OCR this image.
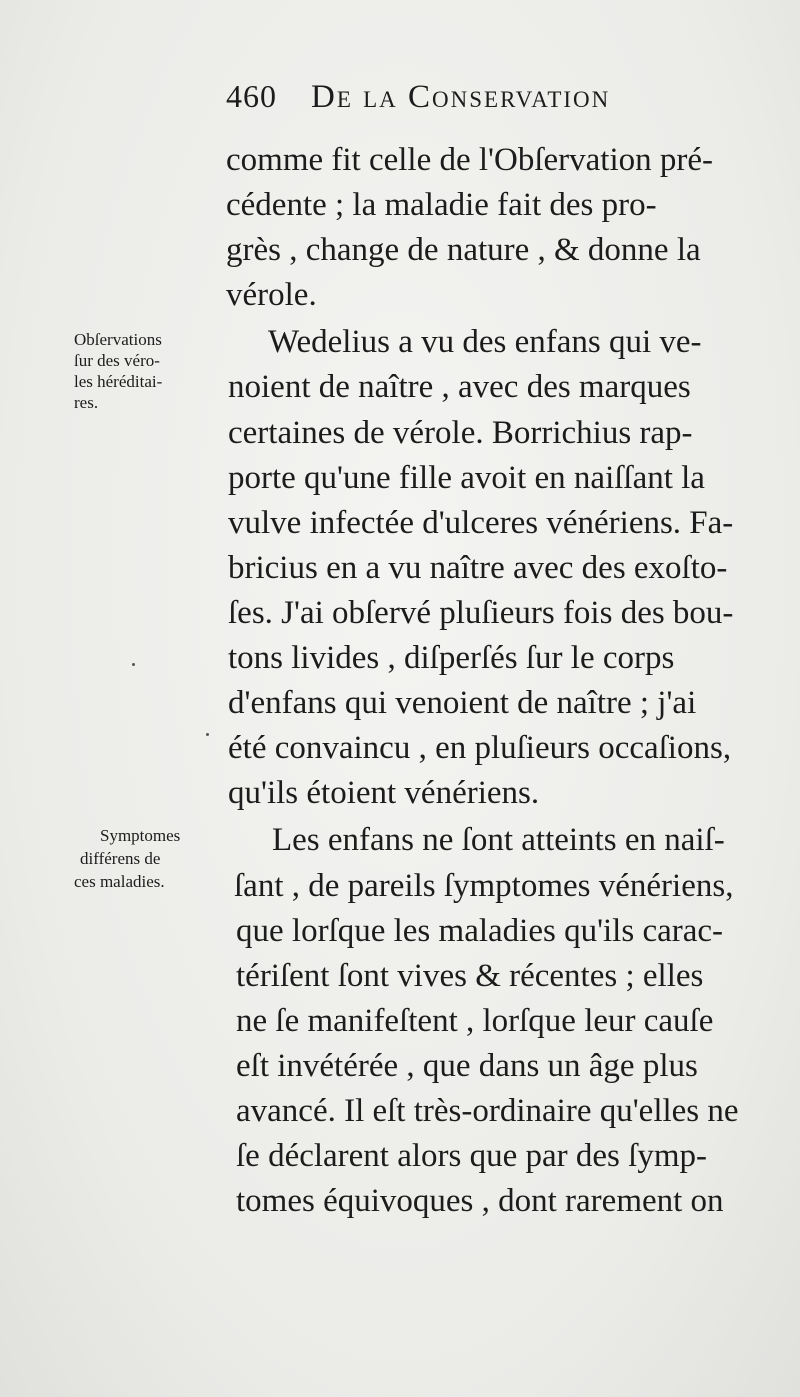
460 De la Conservation
Obſervations
ſur des véro-
les héréditai-
res.
Symptomes
différens de
ces maladies.
comme fit celle de l'Obſervation pré-
cédente ; la maladie fait des pro-
grès , change de nature , & donne la
vérole.
Wedelius a vu des enfans qui ve-
noient de naître , avec des marques
certaines de vérole. Borrichius rap-
porte qu'une fille avoit en naiſſant la
vulve infectée d'ulceres vénériens. Fa-
bricius en a vu naître avec des exoſto-
ſes. J'ai obſervé pluſieurs fois des bou-
tons livides , diſperſés ſur le corps
d'enfans qui venoient de naître ; j'ai
été convaincu , en pluſieurs occaſions,
qu'ils étoient vénériens.
Les enfans ne ſont atteints en naiſ-
ſant , de pareils ſymptomes vénériens,
que lorſque les maladies qu'ils carac-
tériſent ſont vives & récentes ; elles
ne ſe manifeſtent , lorſque leur cauſe
eſt invétérée , que dans un âge plus
avancé. Il eſt très-ordinaire qu'elles ne
ſe déclarent alors que par des ſymp-
tomes équivoques , dont rarement on
